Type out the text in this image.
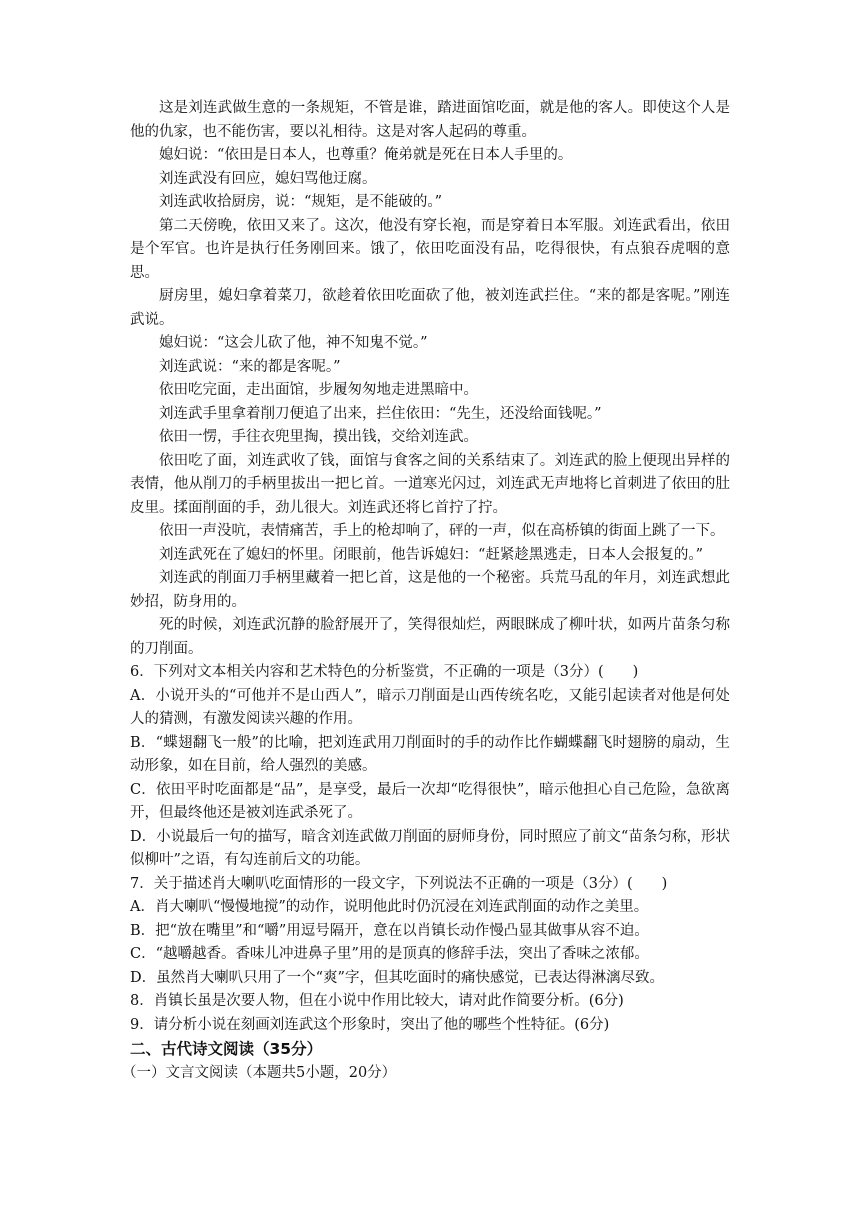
这是刘连武做生意的一条规矩，不管是谁，踏进面馆吃面，就是他的客人。即使这个人是他的仇家，也不能伤害，要以礼相待。这是对客人起码的尊重。

媳妇说：“依田是日本人，也尊重？俺弟就是死在日本人手里的。

刘连武没有回应，媳妇骂他迂腐。

刘连武收拾厨房，说：“规矩，是不能破的。”

第二天傍晚，依田又来了。这次，他没有穿长袍，而是穿着日本军服。刘连武看出，依田是个军官。也许是执行任务刚回来。饿了，依田吃面没有品，吃得很快，有点狼吞虎咽的意思。

厨房里，媳妇拿着菜刀，欲趁着依田吃面砍了他，被刘连武拦住。“来的都是客呢。”刚连武说。

媳妇说：“这会儿砍了他，神不知鬼不觉。”

刘连武说：“来的都是客呢。”

依田吃完面，走出面馆，步履匆匆地走进黑暗中。

刘连武手里拿着削刀便追了出来，拦住依田：“先生，还没给面钱呢。”

依田一愣，手往衣兜里掏，摸出钱，交给刘连武。

依田吃了面，刘连武收了钱，面馆与食客之间的关系结束了。刘连武的脸上便现出异样的表情，他从削刀的手柄里拔出一把匕首。一道寒光闪过，刘连武无声地将匕首刺进了依田的肚皮里。揉面削面的手，劲儿很大。刘连武还将匕首拧了拧。

依田一声没吭，表情痛苦，手上的枪却响了，砰的一声，似在高桥镇的街面上跳了一下。

刘连武死在了媳妇的怀里。闭眼前，他告诉媳妇：“赶紧趁黑逃走，日本人会报复的。”

刘连武的削面刀手柄里藏着一把匕首，这是他的一个秘密。兵荒马乱的年月，刘连武想此妙招，防身用的。

死的时候，刘连武沉静的脸舒展开了，笑得很灿烂，两眼眯成了柳叶状，如两片苗条匀称的刀削面。

6．下列对文本相关内容和艺术特色的分析鉴赏，不正确的一项是（3分）(　　)

A．小说开头的“可他并不是山西人”，暗示刀削面是山西传统名吃，又能引起读者对他是何处人的猜测，有激发阅读兴趣的作用。

B．“蝶翅翻飞一般”的比喻，把刘连武用刀削面时的手的动作比作蝴蝶翻飞时翅膀的扇动，生动形象，如在目前，给人强烈的美感。

C．依田平时吃面都是“品”，是享受，最后一次却“吃得很快”，暗示他担心自己危险，急欲离开，但最终他还是被刘连武杀死了。

D．小说最后一句的描写，暗含刘连武做刀削面的厨师身份，同时照应了前文“苗条匀称，形状似柳叶”之语，有勾连前后文的功能。

7．关于描述肖大喇叭吃面情形的一段文字，下列说法不正确的一项是（3分）(　　)

A．肖大喇叭“慢慢地搅”的动作，说明他此时仍沉浸在刘连武削面的动作之美里。

B．把“放在嘴里”和“嚼”用逗号隔开，意在以肖镇长动作慢凸显其做事从容不迫。

C．“越嚼越香。香味儿冲进鼻子里”用的是顶真的修辞手法，突出了香味之浓郁。

D．虽然肖大喇叭只用了一个“爽”字，但其吃面时的痛快感觉，已表达得淋漓尽致。

8．肖镇长虽是次要人物，但在小说中作用比较大，请对此作简要分析。(6分)

9．请分析小说在刻画刘连武这个形象时，突出了他的哪些个性特征。(6分)

二、古代诗文阅读（35分）

（一）文言文阅读（本题共5小题，20分）
